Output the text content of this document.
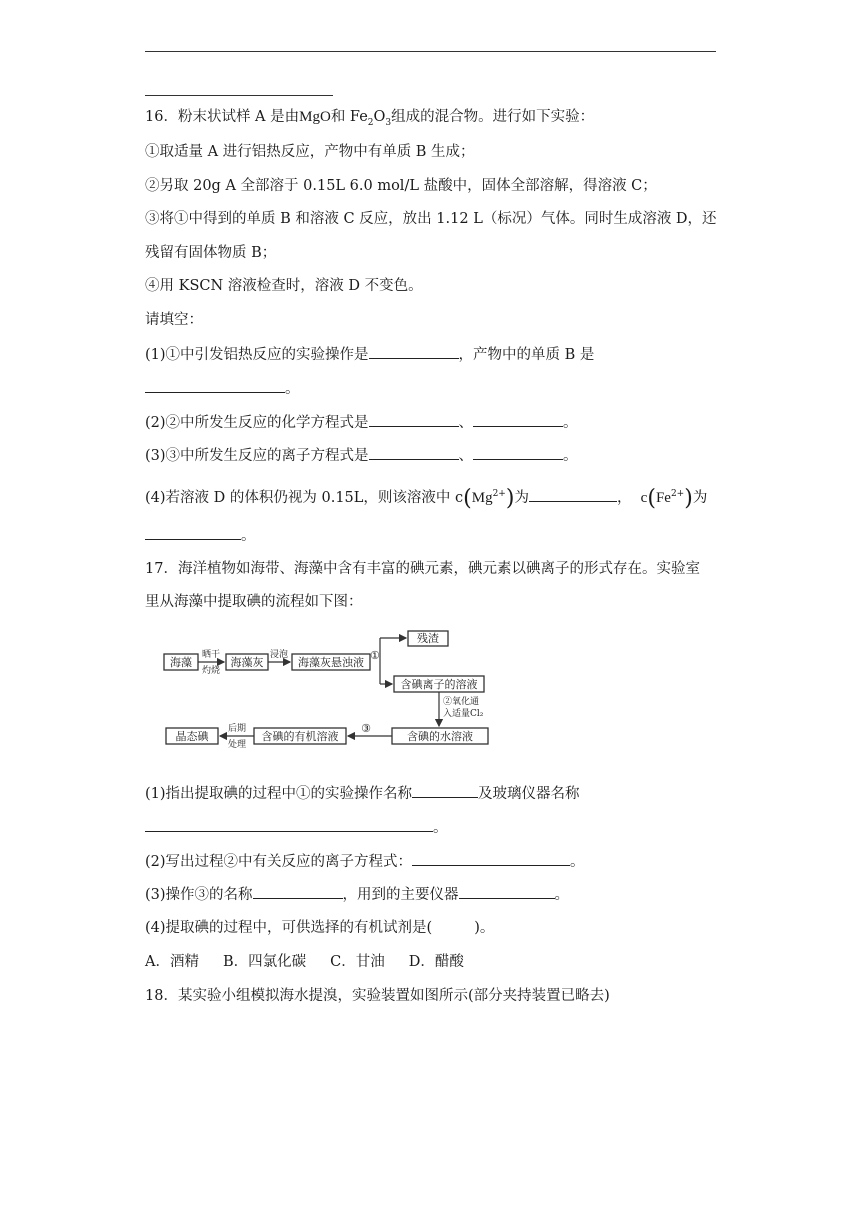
16．粉末状试样 A 是由MgO和 $Fe_2O_3$组成的混合物。进行如下实验：
①取适量 A 进行铝热反应，产物中有单质 B 生成；
②另取 20g A 全部溶于 0.15L 6.0 mol/L 盐酸中，固体全部溶解，得溶液 C；
③将①中得到的单质 B 和溶液 C 反应，放出 1.12 L（标况）气体。同时生成溶液 D，还
残留有固体物质 B；
④用 KSCN 溶液检查时，溶液 D 不变色。
请填空：
(1)①中引发铝热反应的实验操作是	，产物中的单质 B 是
。
(2)②中所发生反应的化学方程式是	、	。
(3)③中所发生反应的离子方程式是	、	。
(4)若溶液 D 的体积仍视为 0.15L，则该溶液中 $c(Mg^{2+})$为	， $c(Fe^{2+})$为
。
17．海洋植物如海带、海藻中含有丰富的碘元素，碘元素以碘离子的形式存在。实验室
里从海藻中提取碘的流程如下图：
海藻
晒干
灼烧
海藻灰
浸泡
海藻灰悬浊液
①
残渣
含碘离子的溶液
②氧化通
入适量Cl₂
含碘的水溶液
③
含碘的有机溶液
后期
处理
晶态碘
(1)指出提取碘的过程中①的实验操作名称	及玻璃仪器名称
。
(2)写出过程②中有关反应的离子方程式：	。
(3)操作③的名称	，用到的主要仪器	。
(4)提取碘的过程中，可供选择的有机试剂是(	)。
A．酒精 B．四氯化碳 C．甘油 D．醋酸
18．某实验小组模拟海水提溴，实验装置如图所示(部分夹持装置已略去)
